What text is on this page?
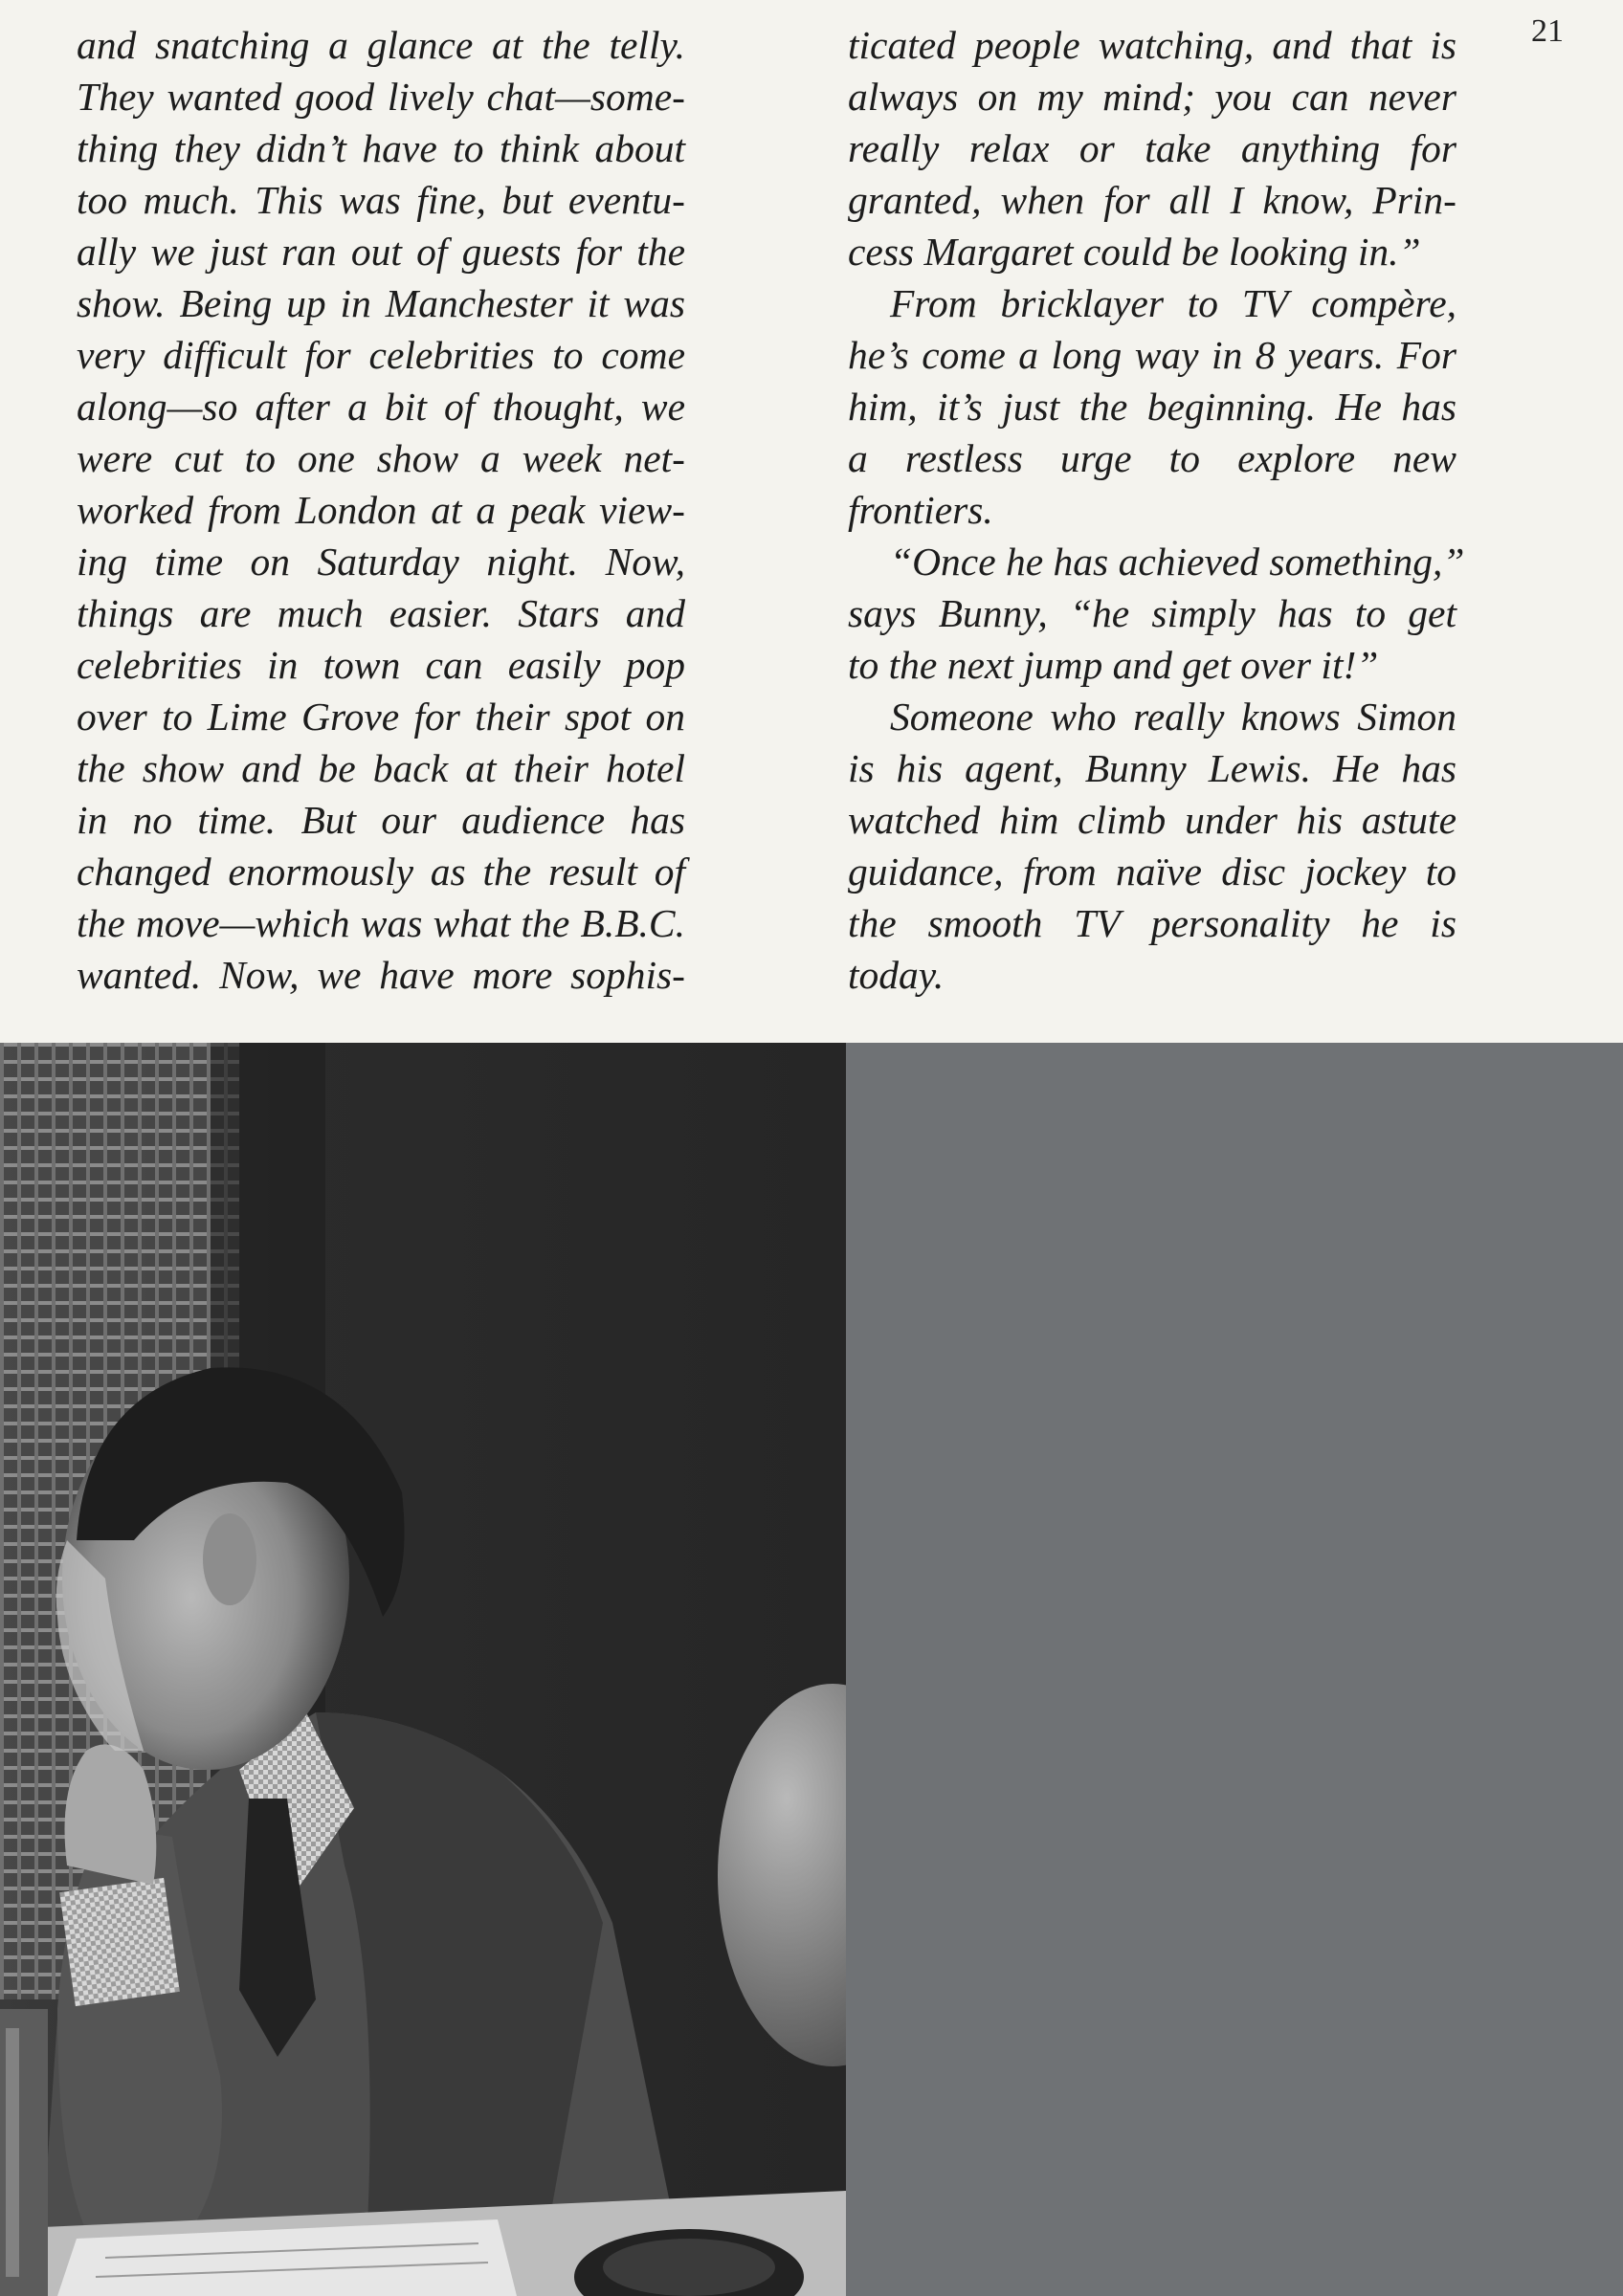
21
and snatching a glance at the telly.
They wanted good lively chat—some-
thing they didn’t have to think about
too much. This was fine, but eventu-
ally we just ran out of guests for the
show. Being up in Manchester it was
very difficult for celebrities to come
along—so after a bit of thought, we
were cut to one show a week net-
worked from London at a peak view-
ing time on Saturday night. Now,
things are much easier. Stars and
celebrities in town can easily pop
over to Lime Grove for their spot on
the show and be back at their hotel
in no time. But our audience has
changed enormously as the result of
the move—which was what the B.B.C.
wanted. Now, we have more sophis-
ticated people watching, and that is
always on my mind; you can never
really relax or take anything for
granted, when for all I know, Prin-
cess Margaret could be looking in.”
From bricklayer to TV compère,
he’s come a long way in 8 years. For
him, it’s just the beginning. He has
a restless urge to explore new
frontiers.
“Once he has achieved something,”
says Bunny, “he simply has to get
to the next jump and get over it!”
Someone who really knows Simon
is his agent, Bunny Lewis. He has
watched him climb under his astute
guidance, from naïve disc jockey to
the smooth TV personality he is
today.
